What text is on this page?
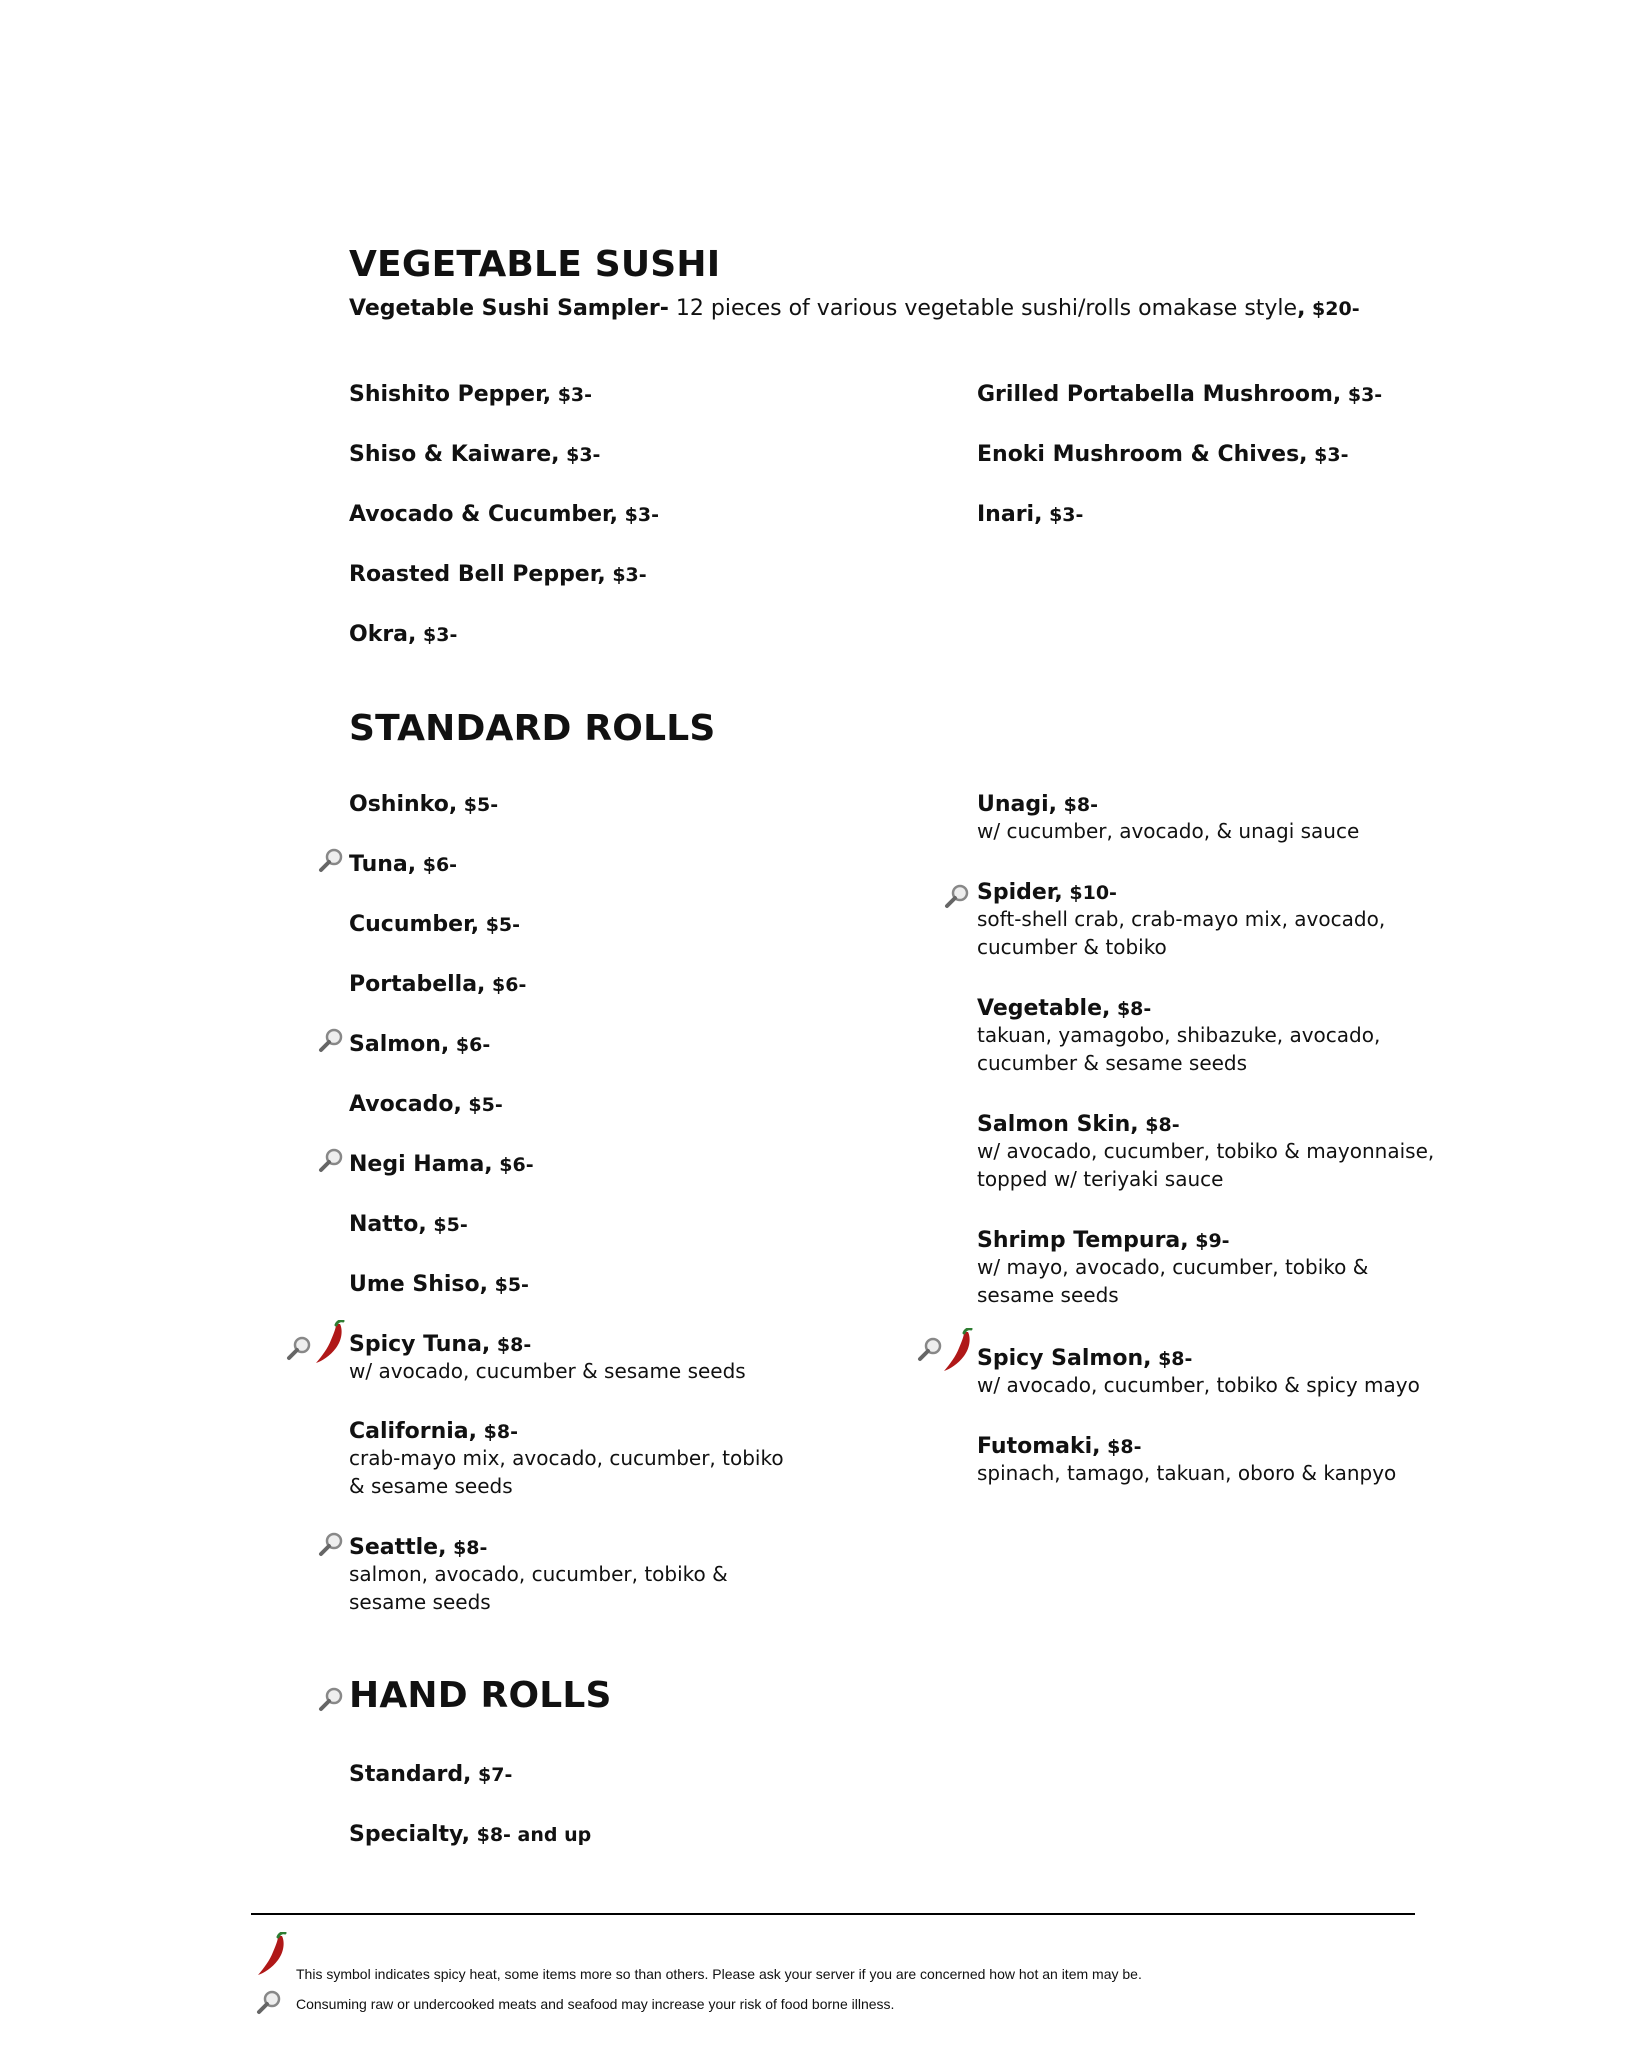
VEGETABLE SUSHI
Vegetable Sushi Sampler- 12 pieces of various vegetable sushi/rolls omakase style, $20-
Shishito Pepper, $3-
Shiso & Kaiware, $3-
Avocado & Cucumber, $3-
Roasted Bell Pepper, $3-
Okra, $3-
Grilled Portabella Mushroom, $3-
Enoki Mushroom & Chives, $3-
Inari, $3-
STANDARD ROLLS
Oshinko, $5-
Tuna, $6-
Cucumber, $5-
Portabella, $6-
Salmon, $6-
Avocado, $5-
Negi Hama, $6-
Natto, $5-
Ume Shiso, $5-
Spicy Tuna, $8-
w/ avocado, cucumber & sesame seeds
California, $8-
crab-mayo mix, avocado, cucumber, tobiko & sesame seeds
Seattle, $8-
salmon, avocado, cucumber, tobiko & sesame seeds
Unagi, $8-
w/ cucumber, avocado, & unagi sauce
Spider, $10-
soft-shell crab, crab-mayo mix, avocado, cucumber & tobiko
Vegetable, $8-
takuan, yamagobo, shibazuke, avocado, cucumber & sesame seeds
Salmon Skin, $8-
w/ avocado, cucumber, tobiko & mayonnaise, topped w/ teriyaki sauce
Shrimp Tempura, $9-
w/ mayo, avocado, cucumber, tobiko & sesame seeds
Spicy Salmon, $8-
w/ avocado, cucumber, tobiko & spicy mayo
Futomaki, $8-
spinach, tamago, takuan, oboro & kanpyo
HAND ROLLS
Standard, $7-
Specialty, $8- and up
This symbol indicates spicy heat, some items more so than others. Please ask your server if you are concerned how hot an item may be.
Consuming raw or undercooked meats and seafood may increase your risk of food borne illness.
